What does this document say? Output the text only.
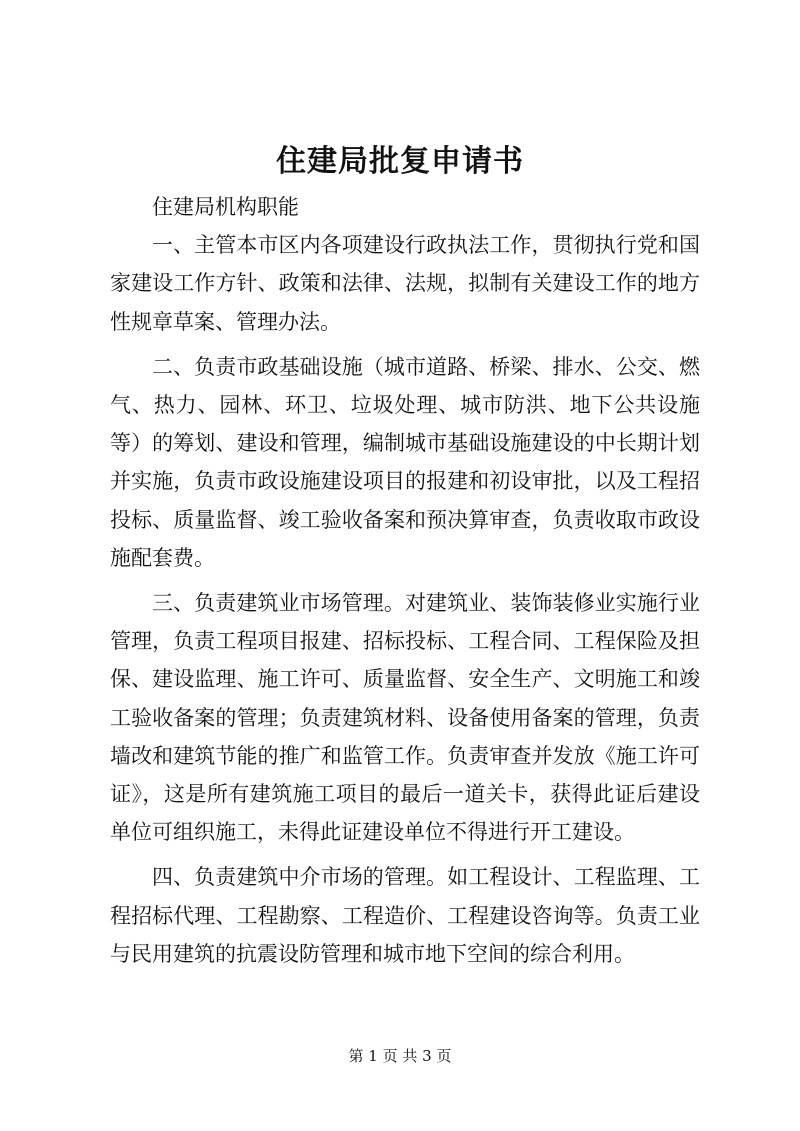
住建局批复申请书

住建局机构职能

一、主管本市区内各项建设行政执法工作，贯彻执行党和国家建设工作方针、政策和法律、法规，拟制有关建设工作的地方性规章草案、管理办法。

二、负责市政基础设施（城市道路、桥梁、排水、公交、燃气、热力、园林、环卫、垃圾处理、城市防洪、地下公共设施等）的筹划、建设和管理，编制城市基础设施建设的中长期计划并实施，负责市政设施建设项目的报建和初设审批，以及工程招投标、质量监督、竣工验收备案和预决算审查，负责收取市政设施配套费。

三、负责建筑业市场管理。对建筑业、装饰装修业实施行业管理，负责工程项目报建、招标投标、工程合同、工程保险及担保、建设监理、施工许可、质量监督、安全生产、文明施工和竣工验收备案的管理；负责建筑材料、设备使用备案的管理，负责墙改和建筑节能的推广和监管工作。负责审查并发放《施工许可证》，这是所有建筑施工项目的最后一道关卡，获得此证后建设单位可组织施工，未得此证建设单位不得进行开工建设。

四、负责建筑中介市场的管理。如工程设计、工程监理、工程招标代理、工程勘察、工程造价、工程建设咨询等。负责工业与民用建筑的抗震设防管理和城市地下空间的综合利用。

第 1 页 共 3 页
